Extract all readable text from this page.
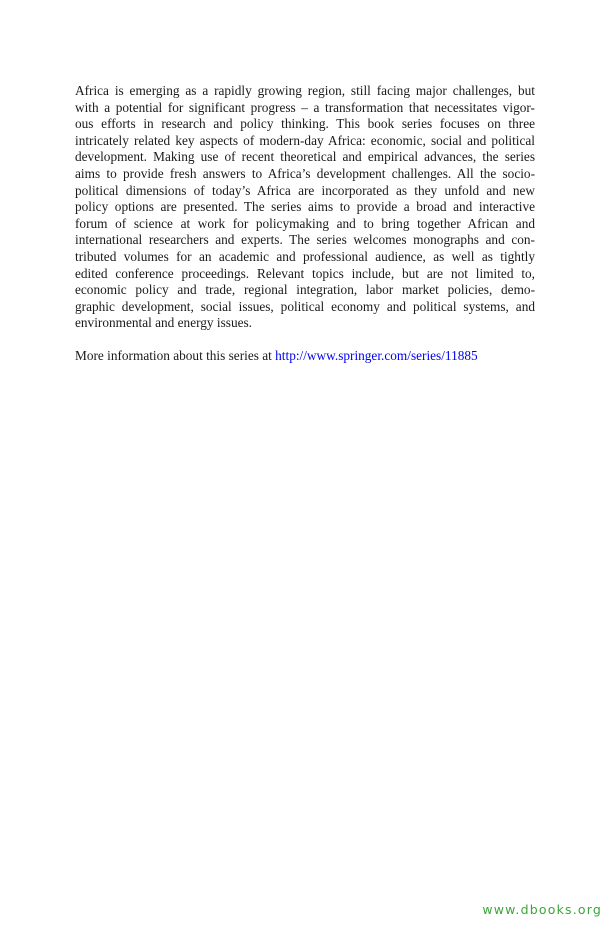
Africa is emerging as a rapidly growing region, still facing major challenges, but
with a potential for significant progress – a transformation that necessitates vigor-
ous efforts in research and policy thinking. This book series focuses on three
intricately related key aspects of modern-day Africa: economic, social and political
development. Making use of recent theoretical and empirical advances, the series
aims to provide fresh answers to Africa’s development challenges. All the socio-
political dimensions of today’s Africa are incorporated as they unfold and new
policy options are presented. The series aims to provide a broad and interactive
forum of science at work for policymaking and to bring together African and
international researchers and experts. The series welcomes monographs and con-
tributed volumes for an academic and professional audience, as well as tightly
edited conference proceedings. Relevant topics include, but are not limited to,
economic policy and trade, regional integration, labor market policies, demo-
graphic development, social issues, political economy and political systems, and
environmental and energy issues.
More information about this series at http://www.springer.com/series/11885
www.dbooks.org
